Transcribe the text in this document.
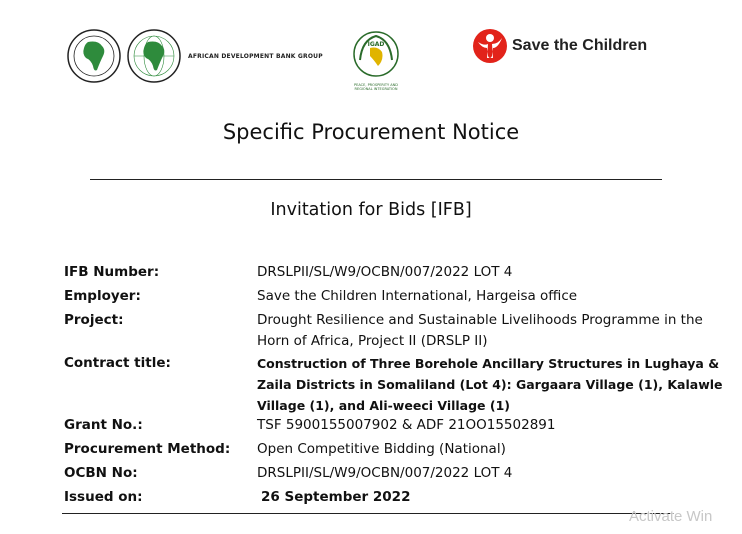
AFRICAN DEVELOPMENT BANK GROUP
IGAD
PEACE, PROSPERITY AND REGIONAL INTEGRATION
Save the Children
Specific Procurement Notice
Invitation for Bids [IFB]
IFB Number:	DRSLPII/SL/W9/OCBN/007/2022 LOT 4
Employer:	Save the Children International, Hargeisa office
Project:	Drought Resilience and Sustainable Livelihoods Programme in the Horn of Africa, Project II (DRSLP II)
Contract title:	Construction of Three Borehole Ancillary Structures in Lughaya & Zaila Districts in Somaliland (Lot 4): Gargaara Village (1), Kalawle Village (1), and Ali-weeci Village (1)
Grant No.:	TSF 5900155007902 & ADF 21OO15502891
Procurement Method:	Open Competitive Bidding (National)
OCBN No:	DRSLPII/SL/W9/OCBN/007/2022 LOT 4
Issued on:	26 September 2022
Activate Win
